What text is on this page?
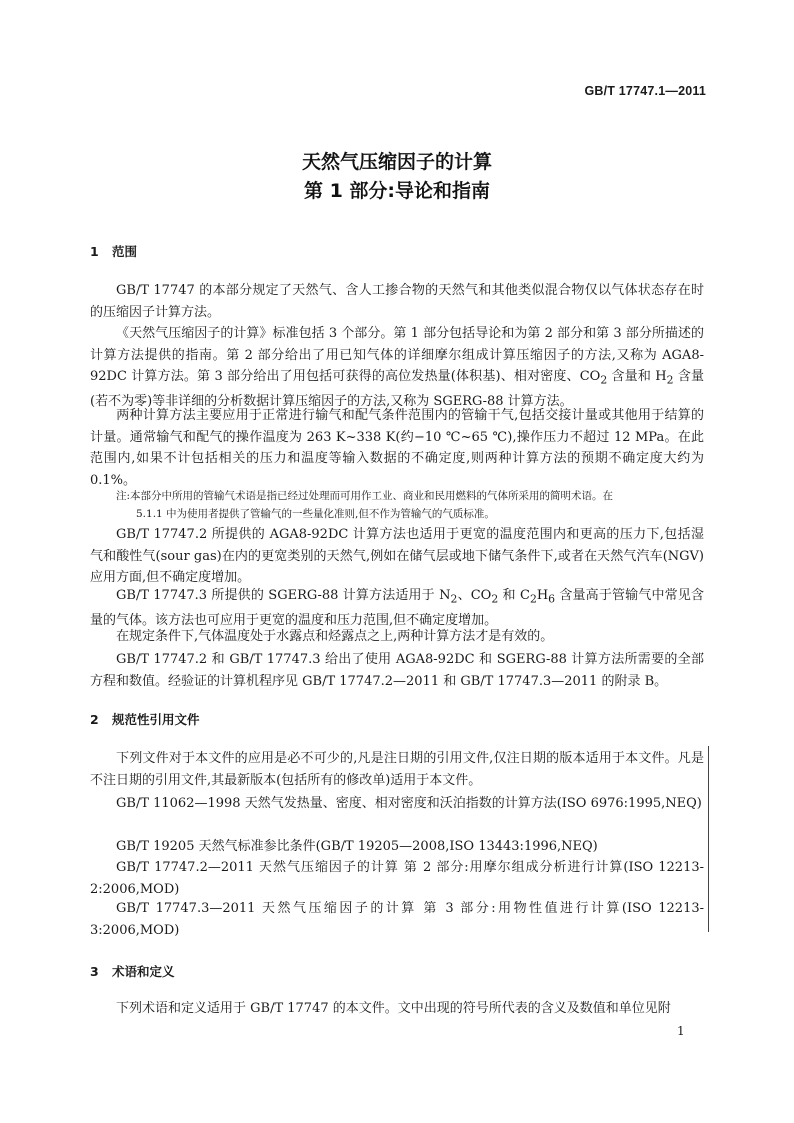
GB/T 17747.1—2011
天然气压缩因子的计算
第 1 部分:导论和指南
1 范围
GB/T 17747 的本部分规定了天然气、含人工掺合物的天然气和其他类似混合物仅以气体状态存在时的压缩因子计算方法。
《天然气压缩因子的计算》标准包括 3 个部分。第 1 部分包括导论和为第 2 部分和第 3 部分所描述的计算方法提供的指南。第 2 部分给出了用已知气体的详细摩尔组成计算压缩因子的方法,又称为 AGA8-92DC 计算方法。第 3 部分给出了用包括可获得的高位发热量(体积基)、相对密度、$CO_2$ 含量和 $H_2$ 含量(若不为零)等非详细的分析数据计算压缩因子的方法,又称为 SGERG-88 计算方法。
两种计算方法主要应用于正常进行输气和配气条件范围内的管输干气,包括交接计量或其他用于结算的计量。通常输气和配气的操作温度为 263 K~338 K(约−10 ℃~65 ℃),操作压力不超过 12 MPa。在此范围内,如果不计包括相关的压力和温度等输入数据的不确定度,则两种计算方法的预期不确定度大约为 0.1%。
注:本部分中所用的管输气术语是指已经过处理而可用作工业、商业和民用燃料的气体所采用的简明术语。在
5.1.1 中为使用者提供了管输气的一些量化准则,但不作为管输气的气质标准。
GB/T 17747.2 所提供的 AGA8-92DC 计算方法也适用于更宽的温度范围内和更高的压力下,包括湿气和酸性气(sour gas)在内的更宽类别的天然气,例如在储气层或地下储气条件下,或者在天然气汽车(NGV)应用方面,但不确定度增加。
GB/T 17747.3 所提供的 SGERG-88 计算方法适用于 $N_2$、$CO_2$ 和 $C_2H_6$ 含量高于管输气中常见含量的气体。该方法也可应用于更宽的温度和压力范围,但不确定度增加。
在规定条件下,气体温度处于水露点和烃露点之上,两种计算方法才是有效的。
GB/T 17747.2 和 GB/T 17747.3 给出了使用 AGA8-92DC 和 SGERG-88 计算方法所需要的全部方程和数值。经验证的计算机程序见 GB/T 17747.2—2011 和 GB/T 17747.3—2011 的附录 B。
2 规范性引用文件
下列文件对于本文件的应用是必不可少的,凡是注日期的引用文件,仅注日期的版本适用于本文件。凡是不注日期的引用文件,其最新版本(包括所有的修改单)适用于本文件。
GB/T 11062—1998 天然气发热量、密度、相对密度和沃泊指数的计算方法(ISO 6976:1995,NEQ)
GB/T 19205 天然气标准参比条件(GB/T 19205—2008,ISO 13443:1996,NEQ)
GB/T 17747.2—2011 天然气压缩因子的计算 第 2 部分:用摩尔组成分析进行计算(ISO 12213-2:2006,MOD)
GB/T 17747.3—2011 天然气压缩因子的计算 第 3 部分:用物性值进行计算(ISO 12213-3:2006,MOD)
3 术语和定义
下列术语和定义适用于 GB/T 17747 的本文件。文中出现的符号所代表的含义及数值和单位见附
1
